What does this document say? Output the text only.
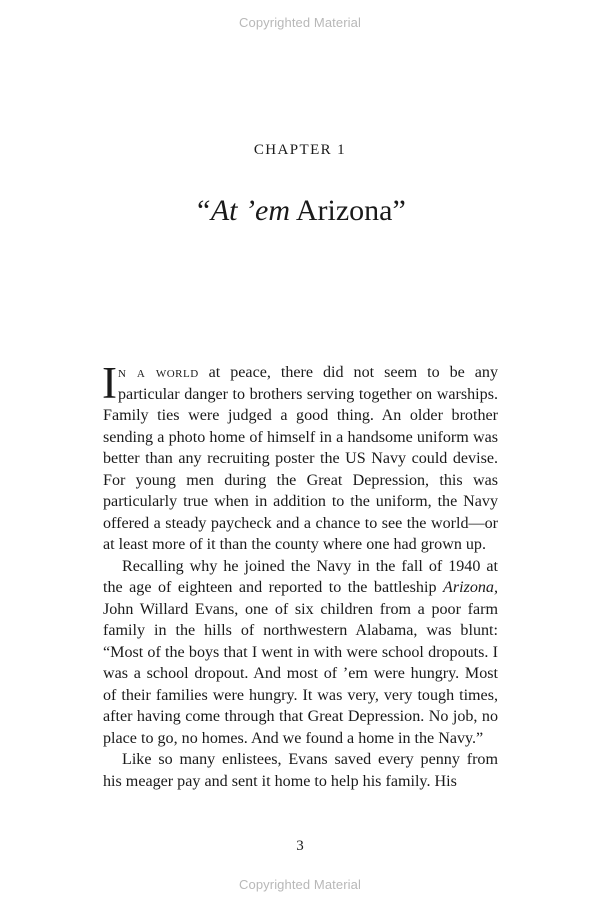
Copyrighted Material
CHAPTER 1
“At ’em Arizona”

In a world at peace, there did not seem to be any particular danger to brothers serving together on warships. Family ties were judged a good thing. An older brother sending a photo home of himself in a handsome uniform was better than any recruiting poster the US Navy could devise. For young men during the Great Depression, this was particularly true when in addition to the uniform, the Navy offered a steady paycheck and a chance to see the world—or at least more of it than the county where one had grown up.

Recalling why he joined the Navy in the fall of 1940 at the age of eighteen and reported to the battleship Arizona, John Willard Evans, one of six children from a poor farm family in the hills of northwestern Alabama, was blunt: “Most of the boys that I went in with were school dropouts. I was a school dropout. And most of ’em were hungry. Most of their families were hungry. It was very, very tough times, after having come through that Great Depression. No job, no place to go, no homes. And we found a home in the Navy.”

Like so many enlistees, Evans saved every penny from his meager pay and sent it home to help his family. His

3
Copyrighted Material
